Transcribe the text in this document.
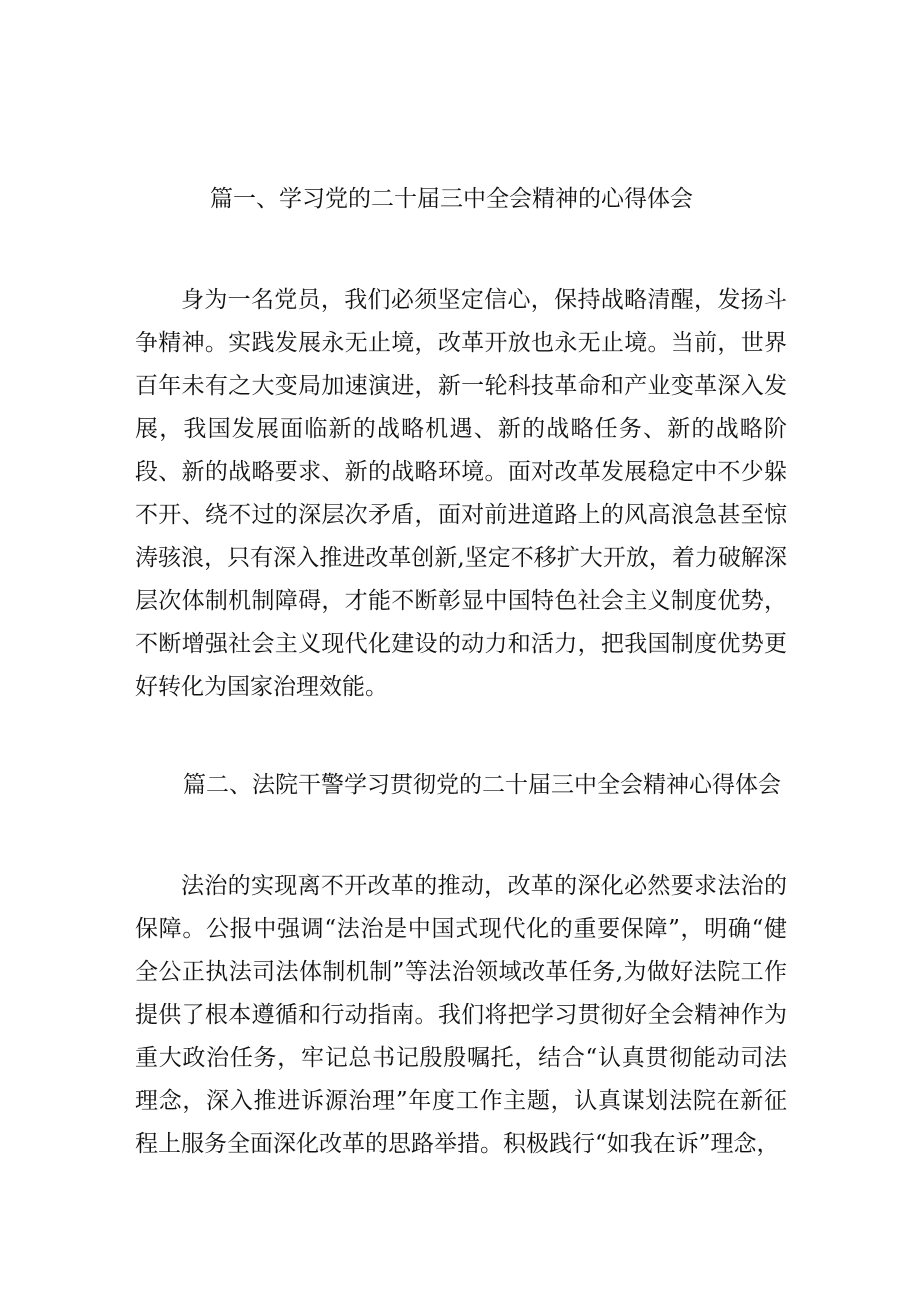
篇一、学习党的二十届三中全会精神的心得体会

身为一名党员，我们必须坚定信心，保持战略清醒，发扬斗争精神。实践发展永无止境，改革开放也永无止境。当前，世界百年未有之大变局加速演进，新一轮科技革命和产业变革深入发展，我国发展面临新的战略机遇、新的战略任务、新的战略阶段、新的战略要求、新的战略环境。面对改革发展稳定中不少躲不开、绕不过的深层次矛盾，面对前进道路上的风高浪急甚至惊涛骇浪，只有深入推进改革创新,坚定不移扩大开放，着力破解深层次体制机制障碍，才能不断彰显中国特色社会主义制度优势，不断增强社会主义现代化建设的动力和活力，把我国制度优势更好转化为国家治理效能。

篇二、法院干警学习贯彻党的二十届三中全会精神心得体会

法治的实现离不开改革的推动，改革的深化必然要求法治的保障。公报中强调“法治是中国式现代化的重要保障”，明确“健全公正执法司法体制机制”等法治领域改革任务,为做好法院工作提供了根本遵循和行动指南。我们将把学习贯彻好全会精神作为重大政治任务，牢记总书记殷殷嘱托，结合“认真贯彻能动司法理念，深入推进诉源治理”年度工作主题，认真谋划法院在新征程上服务全面深化改革的思路举措。积极践行“如我在诉”理念，
